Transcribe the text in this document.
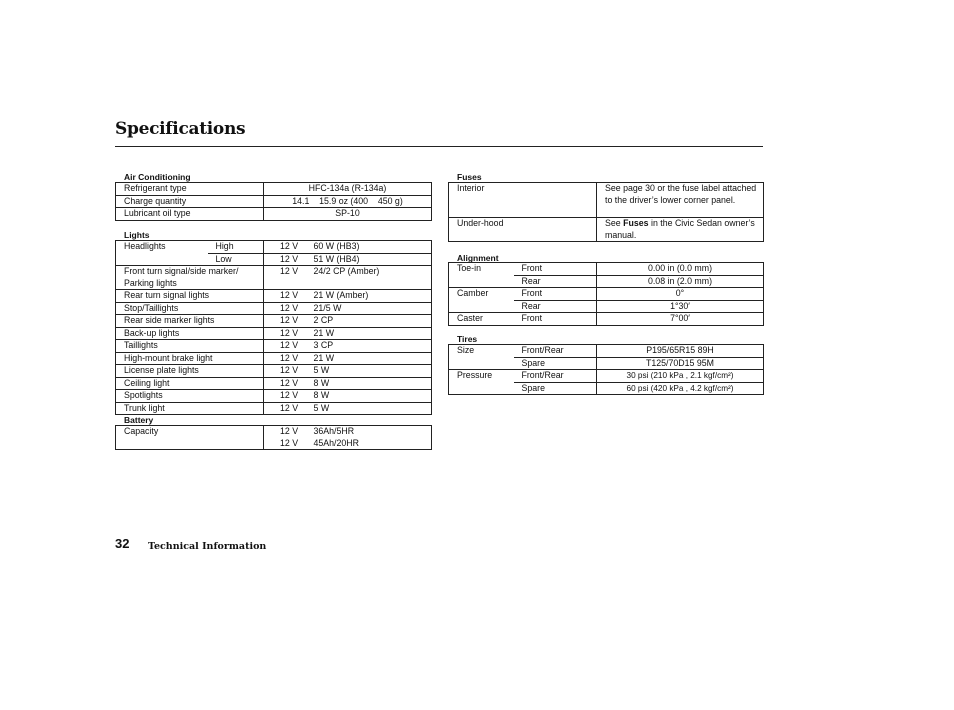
Specifications
Air Conditioning
Refrigerant type	HFC-134a (R-134a)
Charge quantity	14.1    15.9 oz (400    450 g)
Lubricant oil type	SP-10
Lights
Headlights	High	12 V	60 W (HB3)
	Low	12 V	51 W (HB4)
Front turn signal/side marker/		12 V	24/2 CP (Amber)
Parking lights			
Rear turn signal lights		12 V	21 W (Amber)
Stop/Taillights		12 V	21/5 W
Rear side marker lights		12 V	2 CP
Back-up lights		12 V	21 W
Taillights		12 V	3 CP
High-mount brake light		12 V	21 W
License plate lights		12 V	5 W
Ceiling light		12 V	8 W
Spotlights		12 V	8 W
Trunk light		12 V	5 W
Battery
Capacity	12 V	36Ah/5HR
	12 V	45Ah/20HR
Fuses
Interior	See page 30 or the fuse label attached to the driver’s lower corner panel.
Under-hood	See Fuses in the Civic Sedan owner’s manual.
Alignment
Toe-in	Front	0.00 in (0.0 mm)
	Rear	0.08 in (2.0 mm)
Camber	Front	0°
	Rear	1°30′
Caster	Front	7°00′
Tires
Size	Front/Rear	P195/65R15 89H
	Spare	T125/70D15 95M
Pressure	Front/Rear	30 psi (210 kPa , 2.1 kgf/cm²)
	Spare	60 psi (420 kPa , 4.2 kgf/cm²)
32 Technical Information
